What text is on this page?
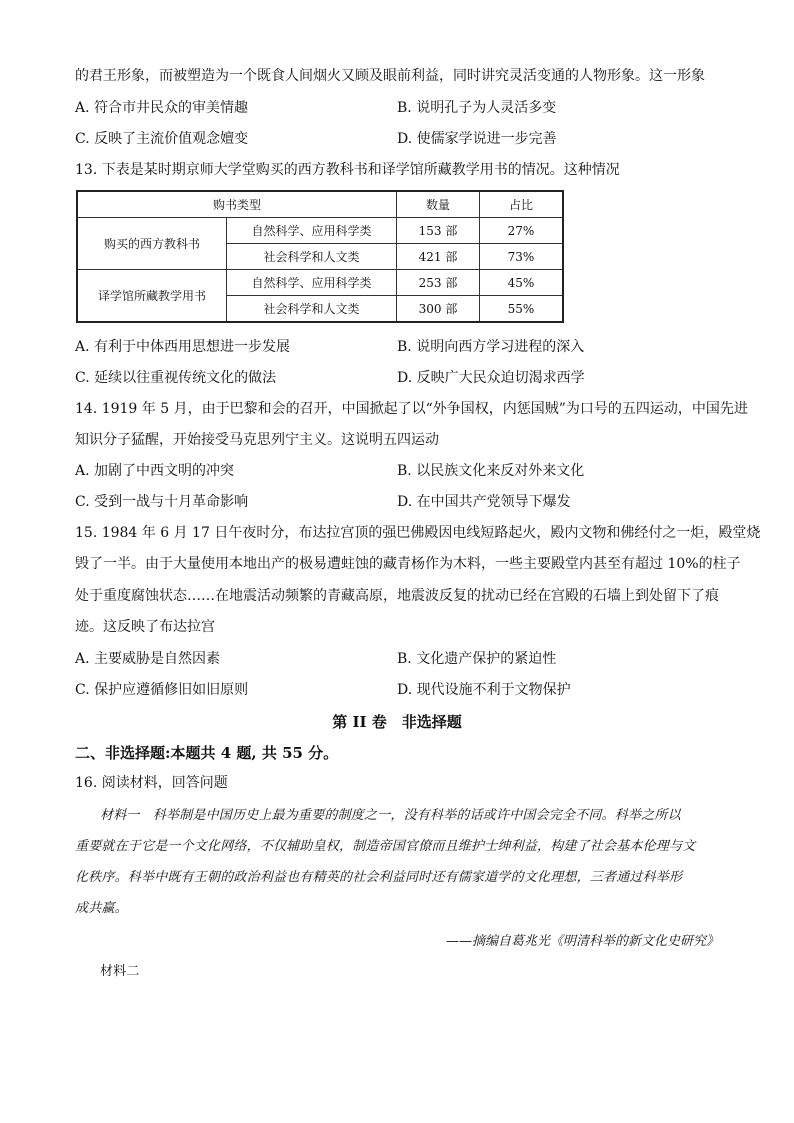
的君王形象，而被塑造为一个既食人间烟火又顾及眼前利益，同时讲究灵活变通的人物形象。这一形象
A. 符合市井民众的审美情趣	B. 说明孔子为人灵活多变
C. 反映了主流价值观念嬗变	D. 使儒家学说进一步完善
13. 下表是某时期京师大学堂购买的西方教科书和译学馆所藏教学用书的情况。这种情况
购书类型		数量	占比
购买的西方教科书	自然科学、应用科学类	153 部	27%
	社会科学和人文类	421 部	73%
译学馆所藏教学用书	自然科学、应用科学类	253 部	45%
	社会科学和人文类	300 部	55%
A. 有利于中体西用思想进一步发展	B. 说明向西方学习进程的深入
C. 延续以往重视传统文化的做法	D. 反映广大民众迫切渴求西学
14. 1919 年 5 月，由于巴黎和会的召开，中国掀起了以“外争国权，内惩国贼”为口号的五四运动，中国先进
知识分子猛醒，开始接受马克思列宁主义。这说明五四运动
A. 加剧了中西文明的冲突	B. 以民族文化来反对外来文化
C. 受到一战与十月革命影响	D. 在中国共产党领导下爆发
15. 1984 年 6 月 17 日午夜时分，布达拉宫顶的强巴佛殿因电线短路起火，殿内文物和佛经付之一炬，殿堂烧
毁了一半。由于大量使用本地出产的极易遭蛀蚀的藏青杨作为木料，一些主要殿堂内甚至有超过 10%的柱子
处于重度腐蚀状态……在地震活动频繁的青藏高原，地震波反复的扰动已经在宫殿的石墙上到处留下了痕
迹。这反映了布达拉宫
A. 主要威胁是自然因素	B. 文化遗产保护的紧迫性
C. 保护应遵循修旧如旧原则	D. 现代设施不利于文物保护
第 II 卷　非选择题
二、非选择题:本题共 4 题, 共 55 分。
16. 阅读材料，回答问题
材料一　科举制是中国历史上最为重要的制度之一，没有科举的话或许中国会完全不同。科举之所以
重要就在于它是一个文化网络，不仅辅助皇权，制造帝国官僚而且维护士绅利益，构建了社会基本伦理与文
化秩序。科举中既有王朝的政治利益也有精英的社会利益同时还有儒家道学的文化理想，三者通过科举形
成共赢。
——摘编自葛兆光《明清科举的新文化史研究》
材料二
